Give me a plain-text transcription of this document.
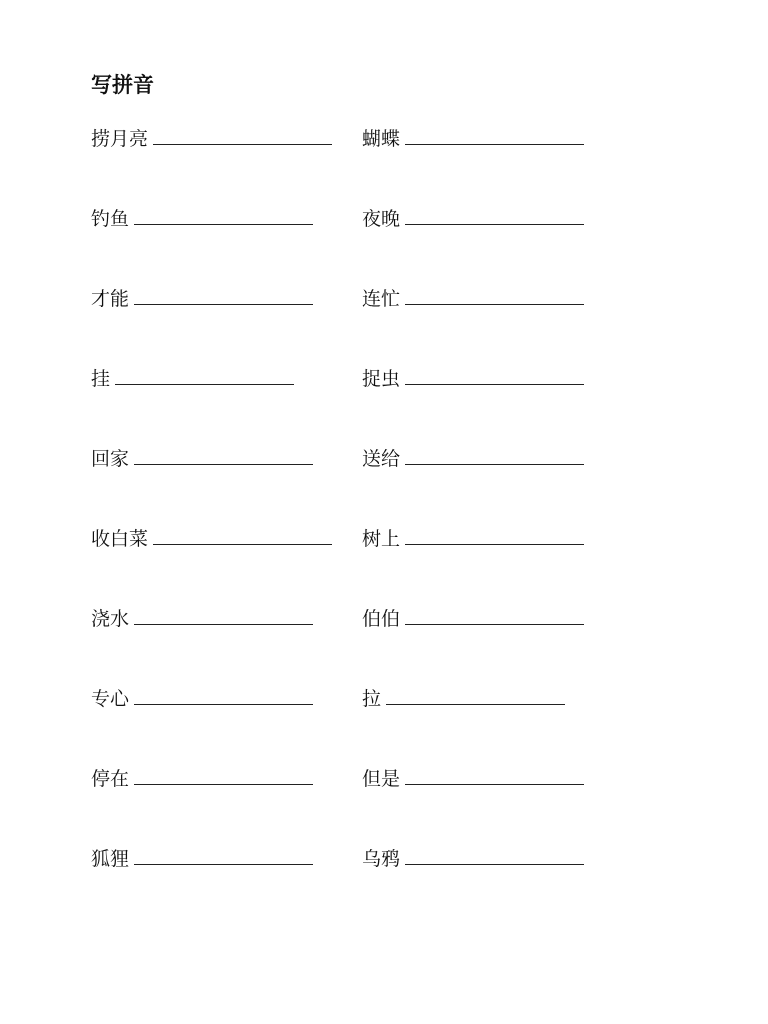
写拼音
捞月亮	蝴蝶
钓鱼	夜晚
才能	连忙
挂	捉虫
回家	送给
收白菜	树上
浇水	伯伯
专心	拉
停在	但是
狐狸	乌鸦
